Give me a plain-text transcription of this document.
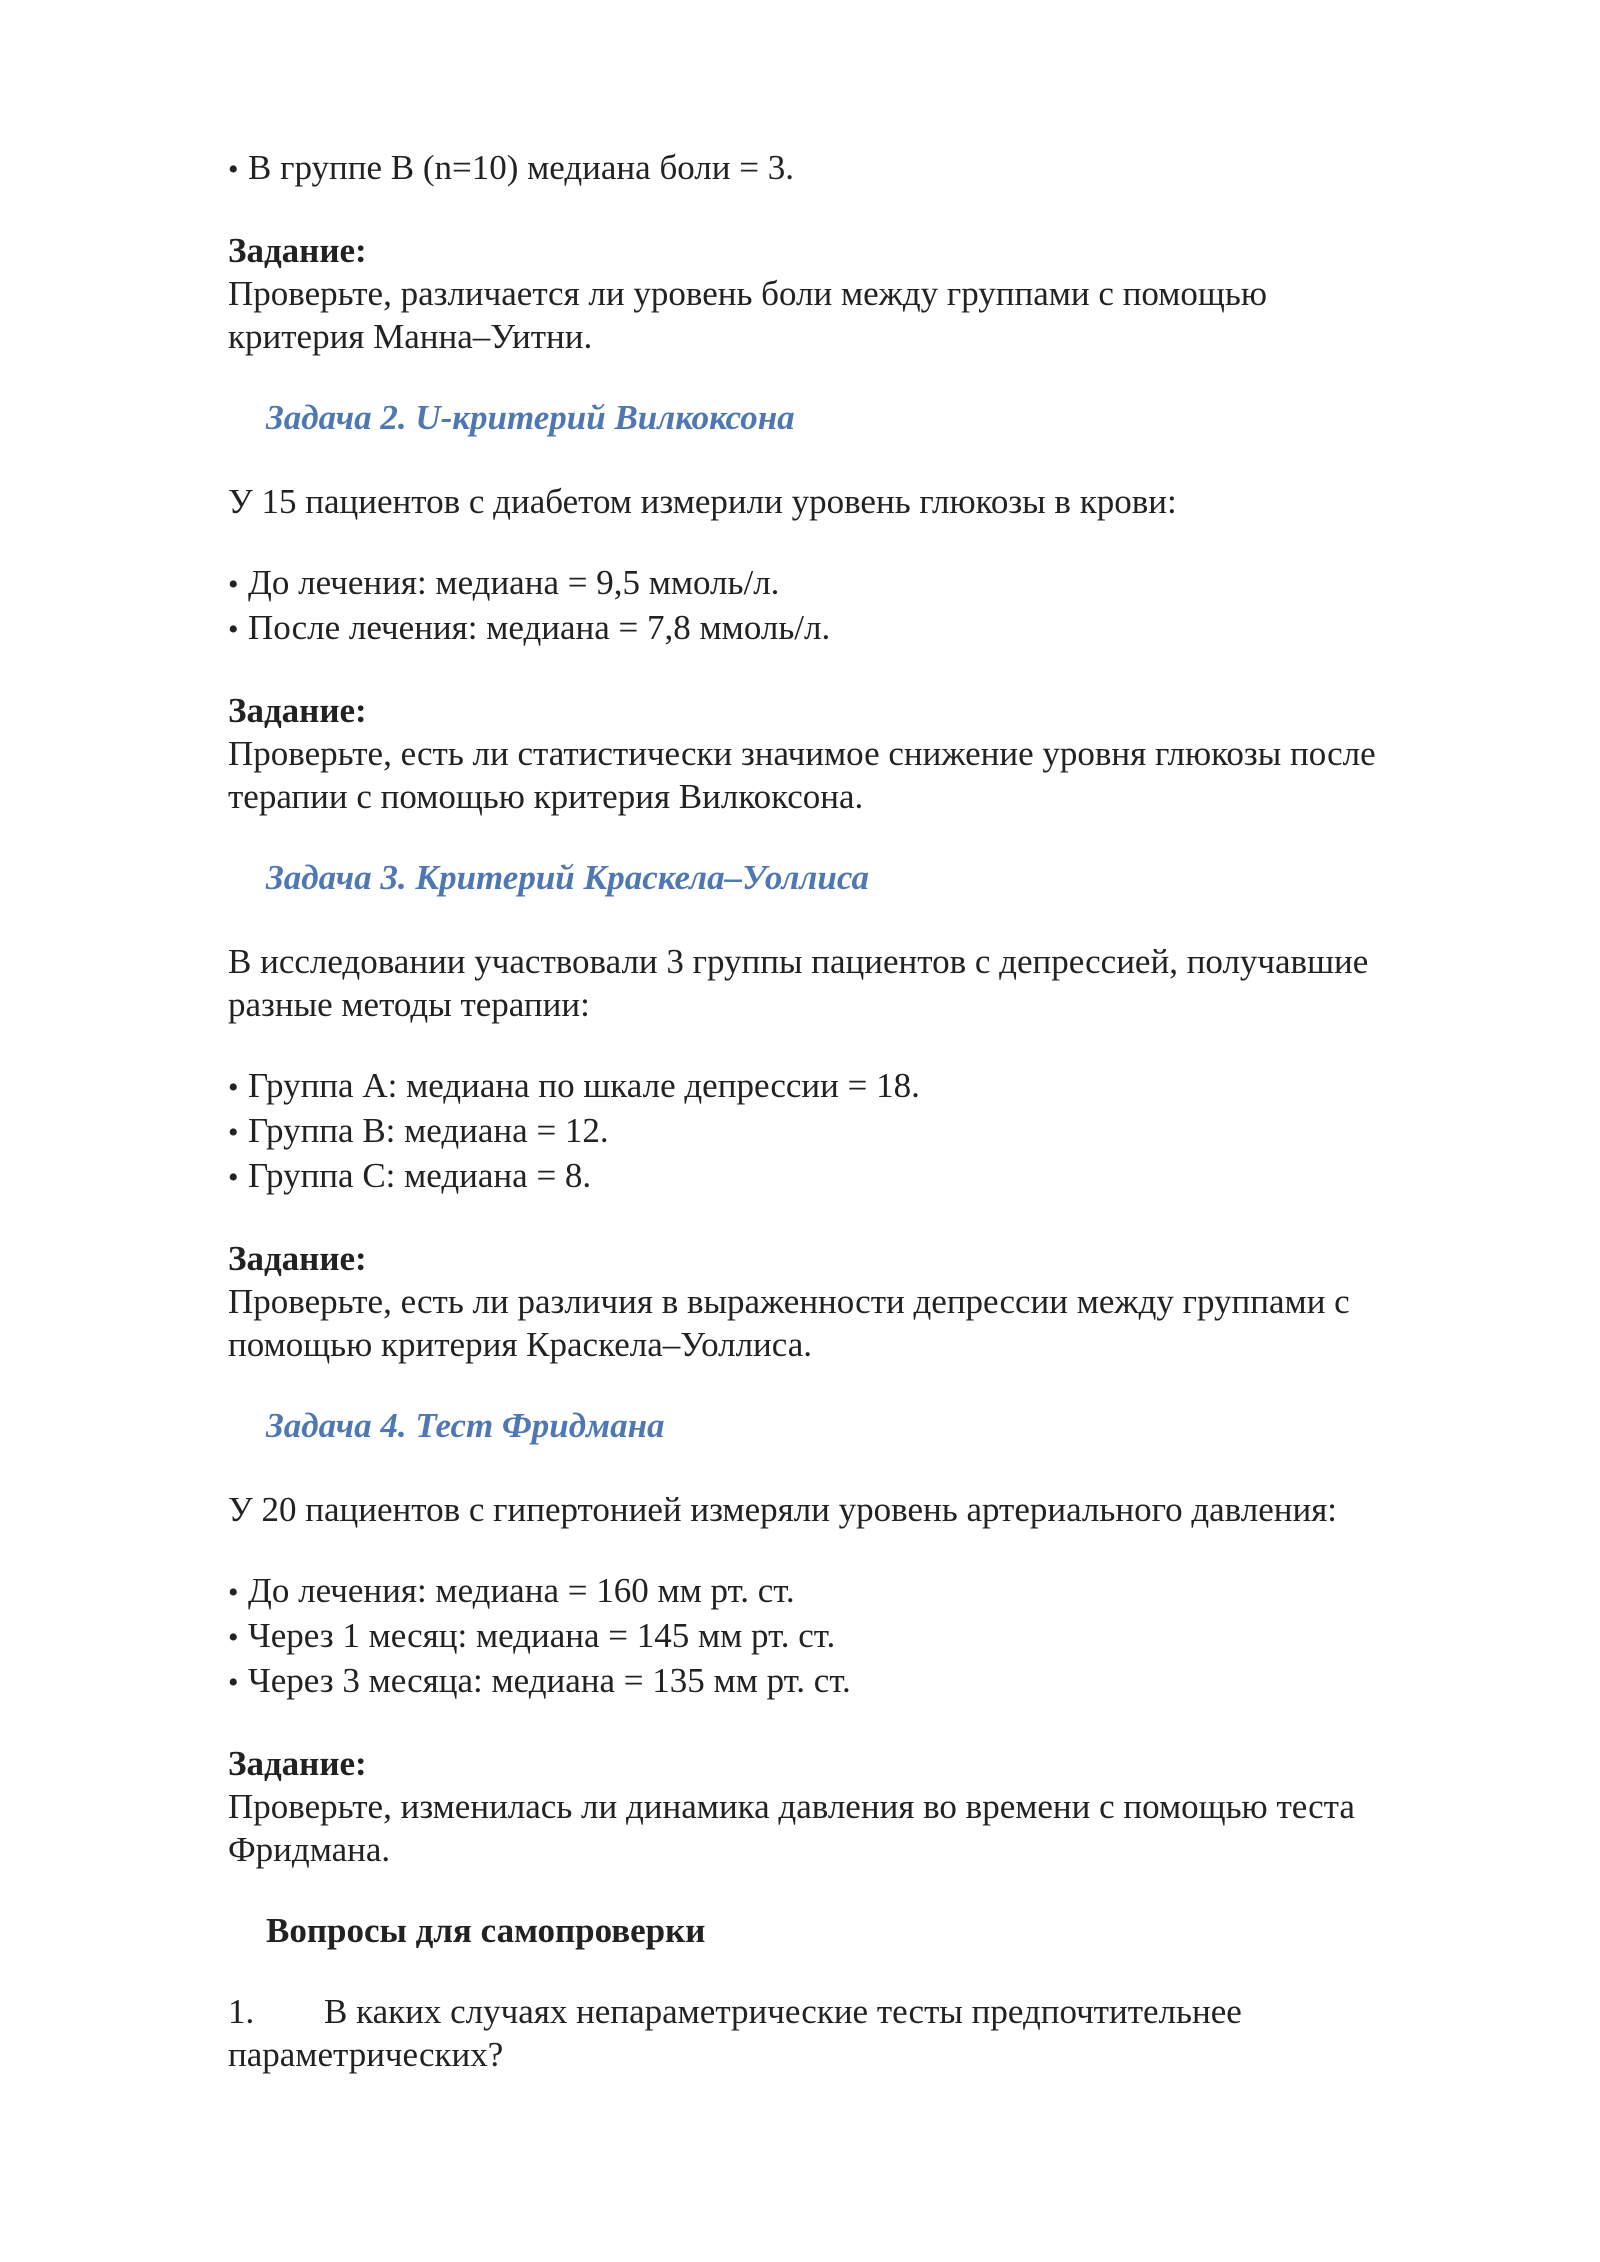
• В группе В (n=10) медиана боли = 3.

Задание:

Проверьте, различается ли уровень боли между группами с помощью

критерия Манна–Уитни.

Задача 2. U-критерий Вилкоксона

У 15 пациентов с диабетом измерили уровень глюкозы в крови:

• До лечения: медиана = 9,5 ммоль/л.

• После лечения: медиана = 7,8 ммоль/л.

Задание:

Проверьте, есть ли статистически значимое снижение уровня глюкозы после

терапии с помощью критерия Вилкоксона.

Задача 3. Критерий Краскела–Уоллиса

В исследовании участвовали 3 группы пациентов с депрессией, получавшие

разные методы терапии:

• Группа А: медиана по шкале депрессии = 18.

• Группа В: медиана = 12.

• Группа С: медиана = 8.

Задание:

Проверьте, есть ли различия в выраженности депрессии между группами с

помощью критерия Краскела–Уоллиса.

Задача 4. Тест Фридмана

У 20 пациентов с гипертонией измеряли уровень артериального давления:

• До лечения: медиана = 160 мм рт. ст.

• Через 1 месяц: медиана = 145 мм рт. ст.

• Через 3 месяца: медиана = 135 мм рт. ст.

Задание:

Проверьте, изменилась ли динамика давления во времени с помощью теста

Фридмана.

Вопросы для самопроверки

1. В каких случаях непараметрические тесты предпочтительнее

параметрических?
